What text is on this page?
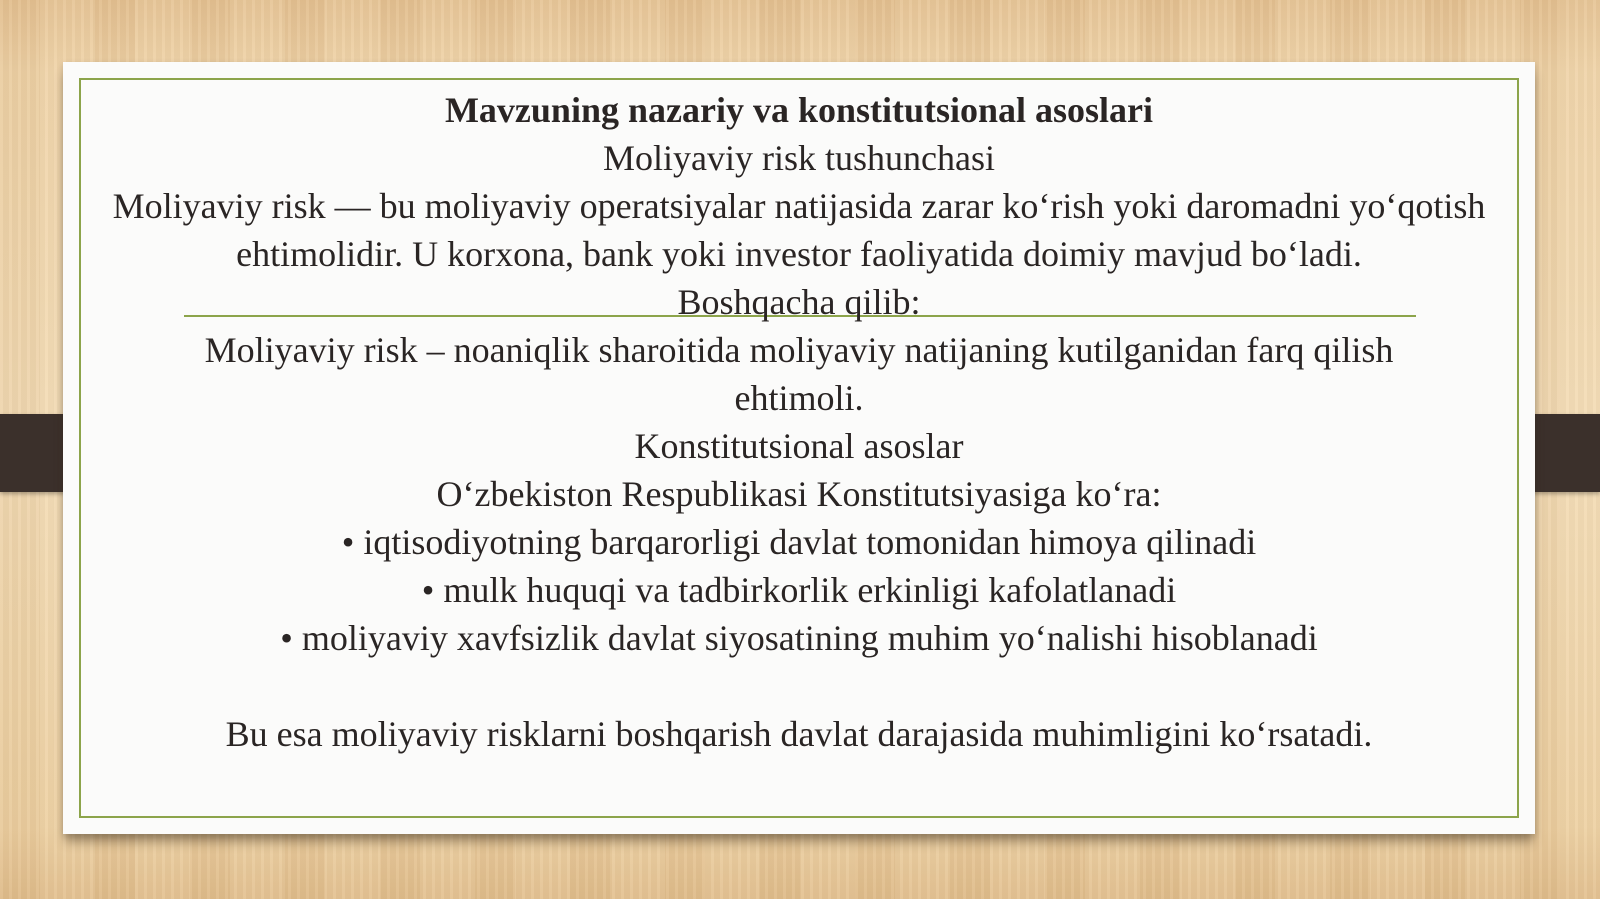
Mavzuning nazariy va konstitutsional asoslari
Moliyaviy risk tushunchasi
Moliyaviy risk — bu moliyaviy operatsiyalar natijasida zarar ko‘rish yoki daromadni yo‘qotish ehtimolidir. U korxona, bank yoki investor faoliyatida doimiy mavjud bo‘ladi.
Boshqacha qilib:
Moliyaviy risk – noaniqlik sharoitida moliyaviy natijaning kutilganidan farq qilish
ehtimoli.
Konstitutsional asoslar
O‘zbekiston Respublikasi Konstitutsiyasiga ko‘ra:
• iqtisodiyotning barqarorligi davlat tomonidan himoya qilinadi
• mulk huquqi va tadbirkorlik erkinligi kafolatlanadi
• moliyaviy xavfsizlik davlat siyosatining muhim yo‘nalishi hisoblanadi
Bu esa moliyaviy risklarni boshqarish davlat darajasida muhimligini ko‘rsatadi.
